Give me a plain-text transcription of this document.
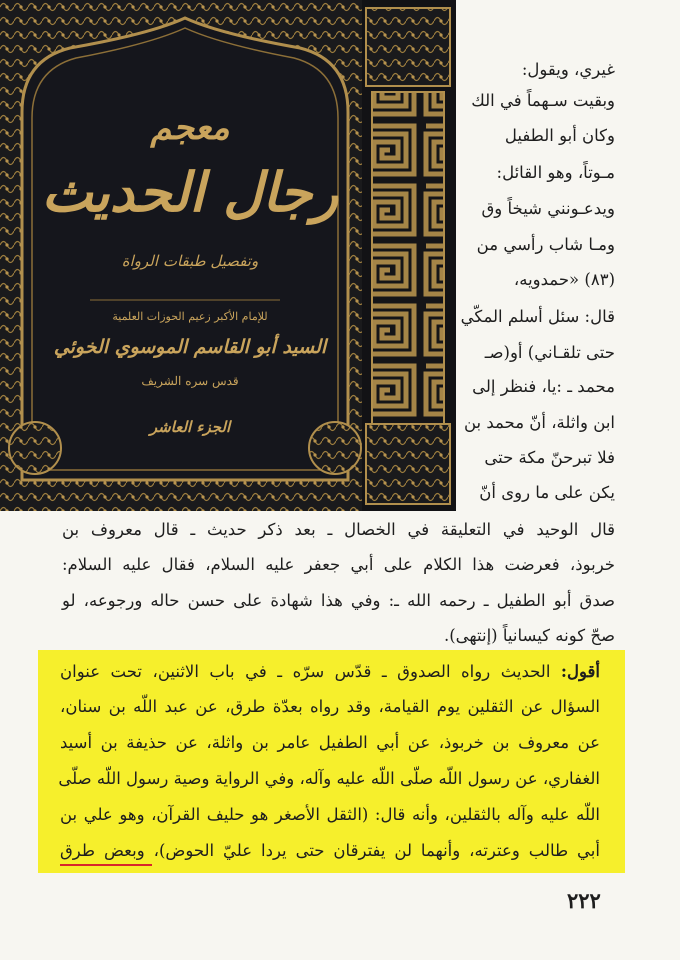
معجم
رجال الحديث
وتفصيل طبقات الرواة
للإمام الأكبر زعيم الحوزات العلمية
السيد أبو القاسم الموسوي الخوئي
قدس سره الشريف
الجزء العاشر
غيري، ويقول:
وبقيت سـهماً في الك
وكان أبو الطفيل
مـوتاً، وهو القائل:
ويدعـونني شيخاً وق
ومـا شاب رأسي من
(٨٣) «حمدويه،
قال: سئل أسلم المكّي
حتى تلقـاني) أو(صـ
محمد ـ :يا، فنظر إلى
ابن واثلة، أنّ محمد بن
فلا تبرحنّ مكة حتى
يكن على ما روى أنّ
قال الوحيد في التعليقة في الخصال ـ بعد ذكر حديث ـ قال معروف بن
خربوذ، فعرضت هذا الكلام على أبي جعفر عليه السلام، فقال عليه السلام:
صدق أبو الطفيل ـ رحمه الله ـ: وفي هذا شهادة على حسن حاله ورجوعه، لو
صحّ كونه كيسانياً (إنتهى).
أقول: الحديث رواه الصدوق ـ قدّس سرّه ـ في باب الاثنين، تحت عنوان
السؤال عن الثقلين يوم القيامة، وقد رواه بعدّة طرق، عن عبد اللّه بن سنان،
عن معروف بن خربوذ، عن أبي الطفيل عامر بن واثلة، عن حذيفة بن أسيد
الغفاري، عن رسول اللّه صلّى اللّه عليه وآله، وفي الرواية وصية رسول اللّه صلّى
اللّه عليه وآله بالثقلين، وأنه قال: (الثقل الأصغر هو حليف القرآن، وهو علي بن
أبي طالب وعترته، وأنهما لن يفترقان حتى يردا عليّ الحوض)، وبعض طرق
٢٢٢
